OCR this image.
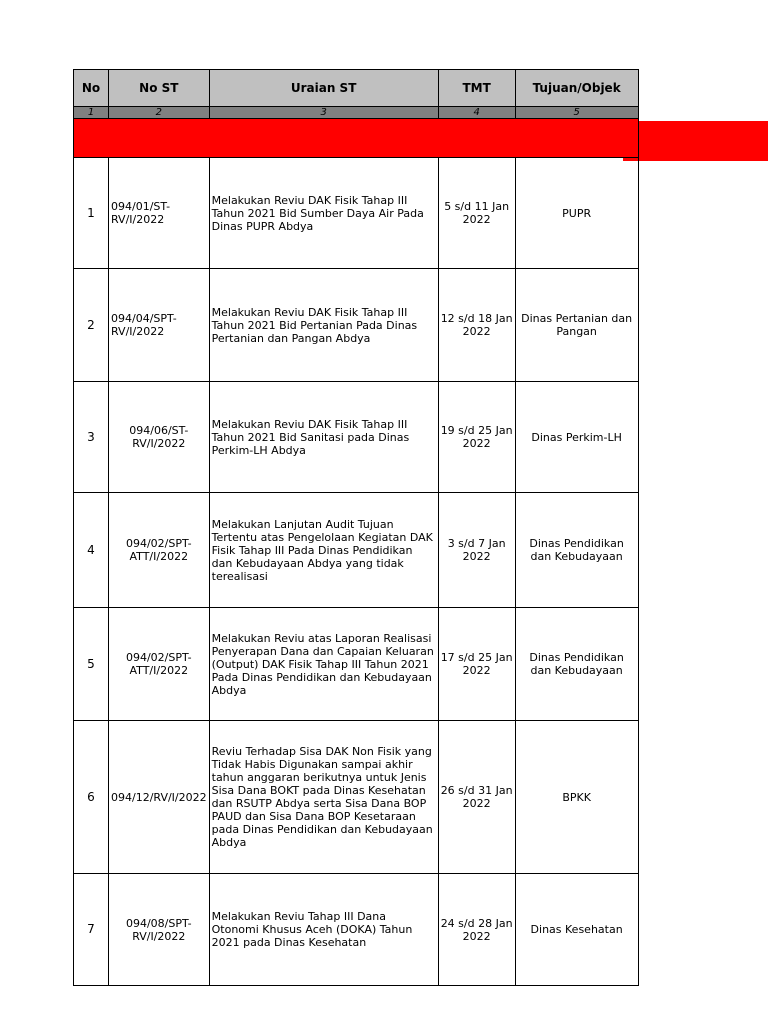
No	No ST	Uraian ST	TMT	Tujuan/Objek
1	2	3	4	5

1	094/01/ST-RV/I/2022	Melakukan Reviu DAK Fisik Tahap III Tahun 2021 Bid Sumber Daya Air Pada Dinas PUPR Abdya	5 s/d 11 Jan 2022	PUPR
2	094/04/SPT-RV/I/2022	Melakukan Reviu DAK Fisik Tahap III Tahun 2021 Bid Pertanian Pada Dinas Pertanian dan Pangan Abdya	12 s/d 18 Jan 2022	Dinas Pertanian dan Pangan
3	094/06/ST-RV/I/2022	Melakukan Reviu DAK Fisik Tahap III Tahun 2021 Bid Sanitasi pada Dinas Perkim-LH Abdya	19 s/d 25 Jan 2022	Dinas Perkim-LH
4	094/02/SPT-ATT/I/2022	Melakukan Lanjutan Audit Tujuan Tertentu atas Pengelolaan Kegiatan DAK Fisik Tahap III Pada Dinas Pendidikan dan Kebudayaan Abdya yang tidak terealisasi	3 s/d 7 Jan 2022	Dinas Pendidikan dan Kebudayaan
5	094/02/SPT-ATT/I/2022	Melakukan Reviu atas Laporan Realisasi Penyerapan Dana dan Capaian Keluaran (Output) DAK Fisik Tahap III Tahun 2021 Pada Dinas Pendidikan dan Kebudayaan Abdya	17 s/d 25 Jan 2022	Dinas Pendidikan dan Kebudayaan
6	094/12/RV/I/2022	Reviu Terhadap Sisa DAK Non Fisik yang Tidak Habis Digunakan sampai akhir tahun anggaran berikutnya untuk Jenis Sisa Dana BOKT pada Dinas Kesehatan dan RSUTP Abdya serta Sisa Dana BOP PAUD dan Sisa Dana BOP Kesetaraan pada Dinas Pendidikan dan Kebudayaan Abdya	26 s/d 31 Jan 2022	BPKK
7	094/08/SPT-RV/I/2022	Melakukan Reviu Tahap III Dana Otonomi Khusus Aceh (DOKA) Tahun 2021 pada Dinas Kesehatan	24 s/d 28 Jan 2022	Dinas Kesehatan
